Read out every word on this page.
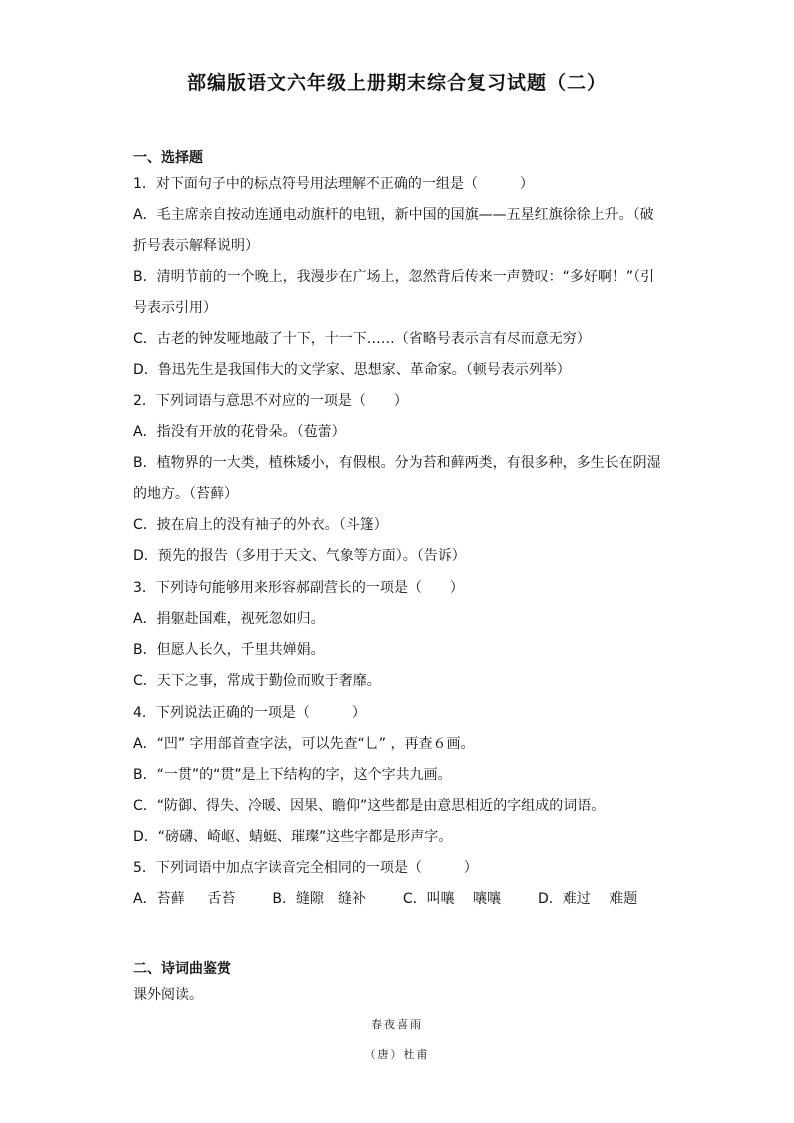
部编版语文六年级上册期末综合复习试题（二）
一、选择题
1．对下面句子中的标点符号用法理解不正确的一组是（　　　）
A．毛主席亲自按动连通电动旗杆的电钮，新中国的国旗——五星红旗徐徐上升。（破
折号表示解释说明）
B．清明节前的一个晚上，我漫步在广场上，忽然背后传来一声赞叹：“多好啊！”（引
号表示引用）
C．古老的钟发哑地敲了十下，十一下……（省略号表示言有尽而意无穷）
D．鲁迅先生是我国伟大的文学家、思想家、革命家。（顿号表示列举）
2．下列词语与意思不对应的一项是（　　）
A．指没有开放的花骨朵。（苞蕾）
B．植物界的一大类，植株矮小，有假根。分为苔和藓两类，有很多种，多生长在阴湿
的地方。（苔藓）
C．披在肩上的没有袖子的外衣。（斗篷）
D．预先的报告（多用于天文、气象等方面）。（告诉）
3．下列诗句能够用来形容郝副营长的一项是（　　）
A．捐躯赴国难，视死忽如归。
B．但愿人长久，千里共婵娟。
C．天下之事，常成于勤俭而败于奢靡。
4．下列说法正确的一项是（　　　）
A．“凹” 字用部首查字法，可以先查“乚” ，再查６画。
B．“一贯”的“贯”是上下结构的字，这个字共九画。
C．“防御、得失、冷暖、因果、瞻仰”这些都是由意思相近的字组成的词语。
D．“磅礴、崎岖、蜻蜓、璀璨”这些字都是形声字。
5．下列词语中加点字读音完全相同的一项是（　　　）
A．苔藓　  舌苔　　  B．缝隙　缝补　　  C．叫嚷　 嚷嚷　　  D．难过　 难题
二、诗词曲鉴赏
课外阅读。
春夜喜雨
（唐）杜甫
